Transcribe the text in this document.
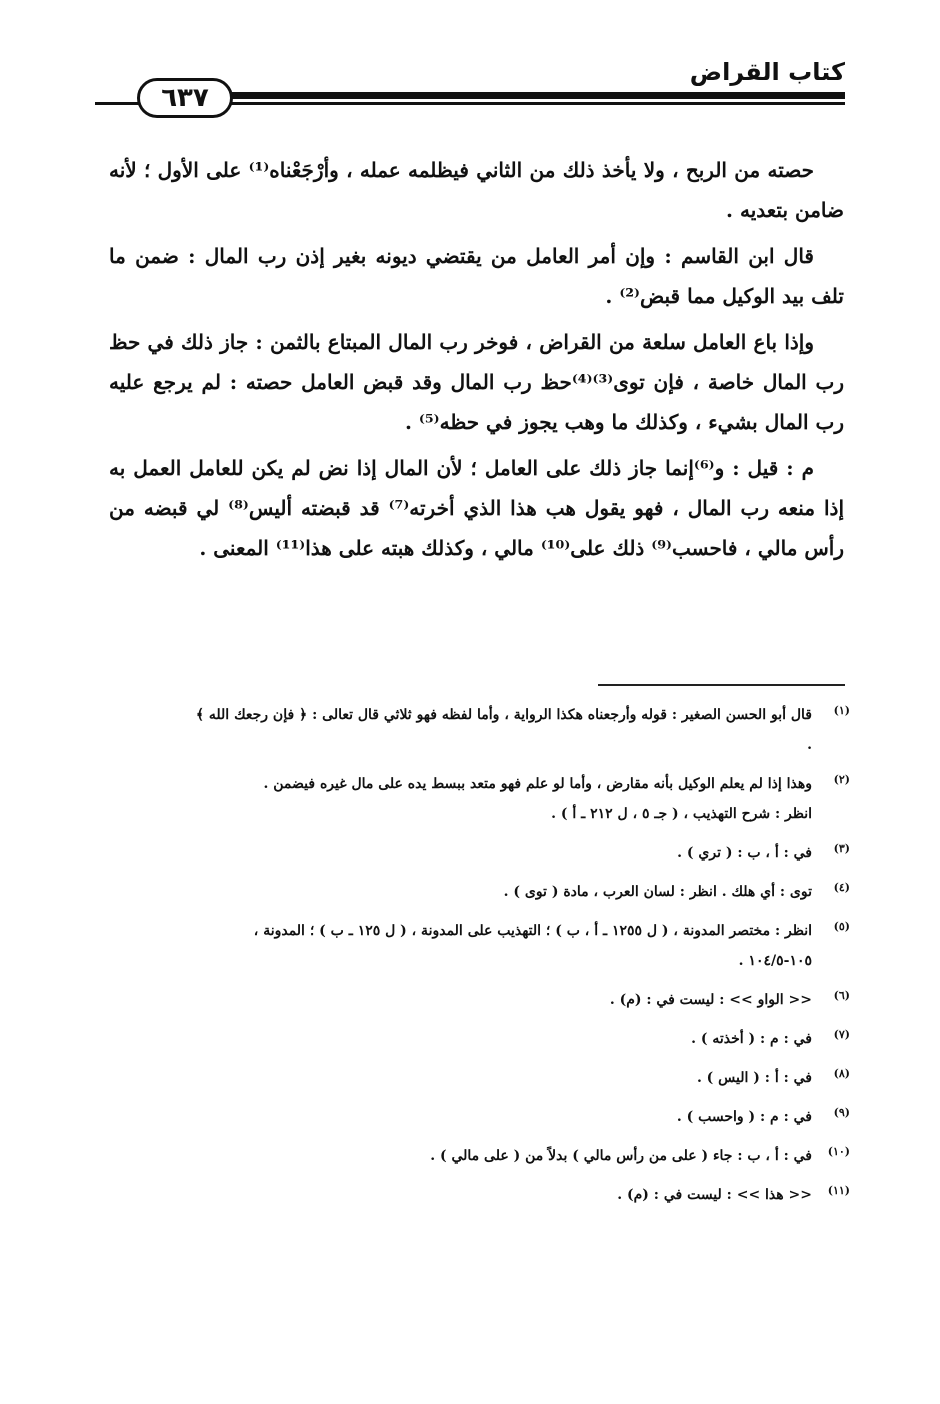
كتاب القراض
٦٣٧

حصته من الربح ، ولا يأخذ ذلك من الثاني فيظلمه عمله ، وأرْجَعْناه⁽¹⁾ على الأول ؛ لأنه ضامن بتعديه .

قال ابن القاسم : وإن أمر العامل من يقتضي ديونه بغير إذن رب المال : ضمن ما تلف بيد الوكيل مما قبض⁽²⁾ .

وإذا باع العامل سلعة من القراض ، فوخر رب المال المبتاع بالثمن : جاز ذلك في حظ رب المال خاصة ، فإن توى⁽³⁾⁽⁴⁾حظ رب المال وقد قبض العامل حصته : لم يرجع عليه رب المال بشيء ، وكذلك ما وهب يجوز في حظه⁽⁵⁾ .

م : قيل : و⁽⁶⁾إنما جاز ذلك على العامل ؛ لأن المال إذا نض لم يكن للعامل العمل به إذا منعه رب المال ، فهو يقول هب هذا الذي أخرته⁽⁷⁾ قد قبضته أليس⁽⁸⁾ لي قبضه من رأس مالي ، فاحسب⁽⁹⁾ ذلك على⁽¹⁰⁾ مالي ، وكذلك هبته على هذا⁽¹¹⁾ المعنى .

(١)
قال أبو الحسن الصغير : قوله وأرجعناه هكذا الرواية ، وأما لفظه فهو ثلاثي قال تعالى : ﴿ فإن رجعك الله ﴾
.
(٢)
وهذا إذا لم يعلم الوكيل بأنه مقارض ، وأما لو علم فهو متعد ببسط يده على مال غيره فيضمن .
انظر : شرح التهذيب ، ( جـ ٥ ، ل ٢١٢ ـ أ ) .
(٣)
في : أ ، ب : ( تري ) .
(٤)
توى : أي هلك . انظر : لسان العرب ، مادة ( توى ) .
(٥)
انظر : مختصر المدونة ، ( ل ١٢٥٥ ـ أ ، ب ) ؛ التهذيب على المدونة ، ( ل ١٢٥ ـ ب ) ؛ المدونة ،
١٠٥-١٠٤/٥ .
(٦)
<< الواو >> : ليست في : (م) .
(٧)
في : م : ( أخذته ) .
(٨)
في : أ : ( اليس ) .
(٩)
في : م : ( واحسب ) .
(١٠)
في : أ ، ب : جاء ( على من رأس مالي ) بدلاً من ( على مالي ) .
(١١)
<< هذا >> : ليست في : (م) .
